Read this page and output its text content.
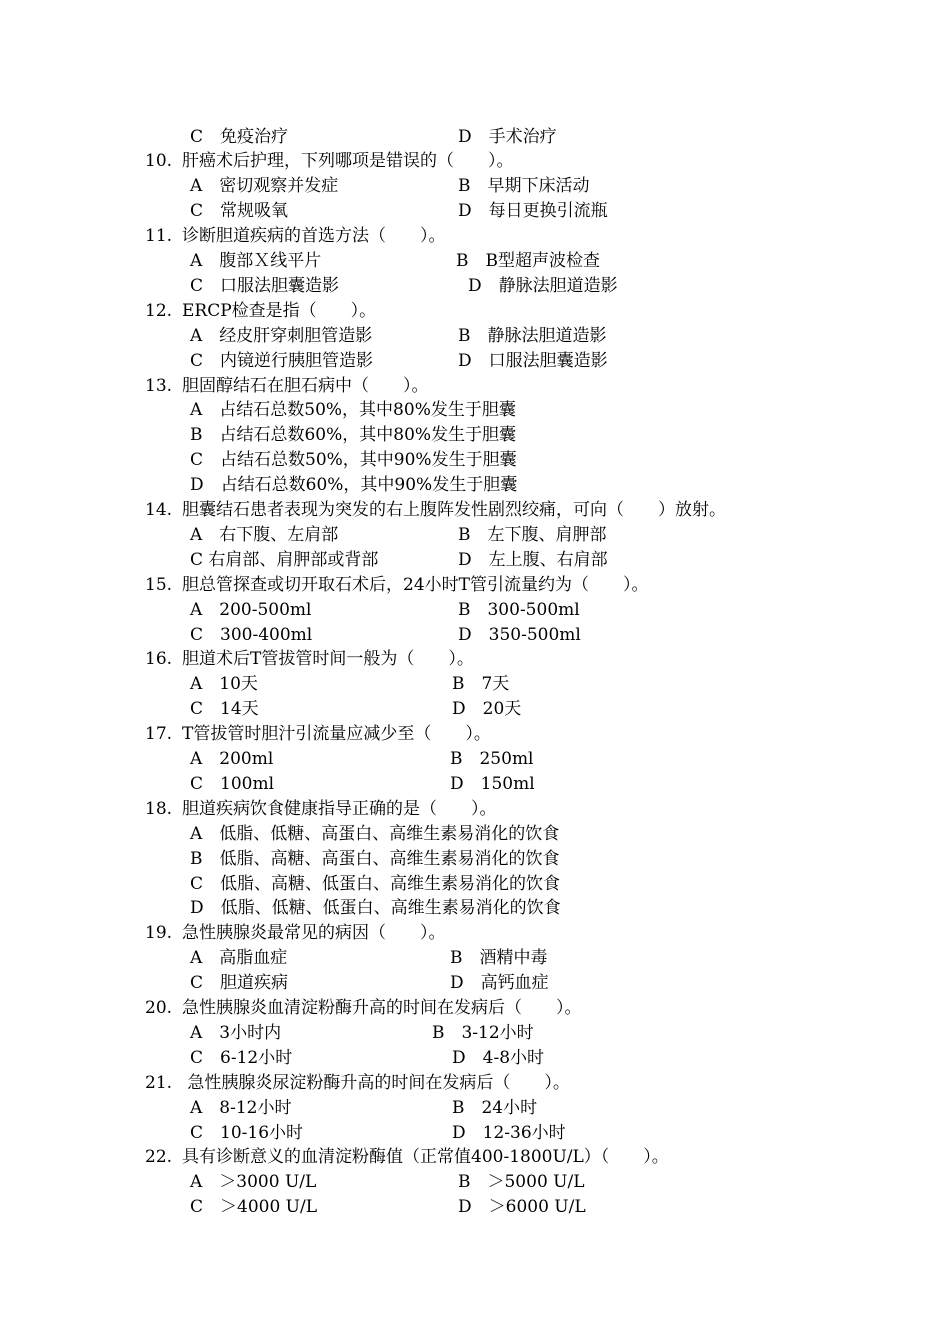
C　免疫治疗	D　手术治疗
10. 肝癌术后护理，下列哪项是错误的（　　）。
A　密切观察并发症	B　早期下床活动
C　常规吸氧	D　每日更换引流瓶
11. 诊断胆道疾病的首选方法（　　）。
A　腹部Ｘ线平片	B　B型超声波检查
C　口服法胆囊造影	D　静脉法胆道造影
12. ERCP检查是指（　　）。
A　经皮肝穿刺胆管造影	B　静脉法胆道造影
C　内镜逆行胰胆管造影	D　口服法胆囊造影
13. 胆固醇结石在胆石病中（　　）。
A　占结石总数50%，其中80%发生于胆囊
B　占结石总数60%，其中80%发生于胆囊
C　占结石总数50%，其中90%发生于胆囊
D　占结石总数60%，其中90%发生于胆囊
14. 胆囊结石患者表现为突发的右上腹阵发性剧烈绞痛，可向（　　）放射。
A　右下腹、左肩部	B　左下腹、肩胛部
C 右肩部、肩胛部或背部	D　左上腹、右肩部
15. 胆总管探查或切开取石术后，24小时T管引流量约为（　　）。
A　200-500ml	B　300-500ml
C　300-400ml	D　350-500ml
16. 胆道术后T管拔管时间一般为（　　）。
A　10天	B　7天
C　14天	D　20天
17. T管拔管时胆汁引流量应减少至（　　）。
A　200ml	B　250ml
C　100ml	D　150ml
18. 胆道疾病饮食健康指导正确的是（　　）。
A　低脂、低糖、高蛋白、高维生素易消化的饮食
B　低脂、高糖、高蛋白、高维生素易消化的饮食
C　低脂、高糖、低蛋白、高维生素易消化的饮食
D　低脂、低糖、低蛋白、高维生素易消化的饮食
19. 急性胰腺炎最常见的病因（　　）。
A　高脂血症	B　酒精中毒
C　胆道疾病	D　高钙血症
20. 急性胰腺炎血清淀粉酶升高的时间在发病后（　　）。
A　3小时内	B　3-12小时
C　6-12小时	D　4-8小时
21. 急性胰腺炎尿淀粉酶升高的时间在发病后（　　）。
A　8-12小时	B　24小时
C　10-16小时	D　12-36小时
22. 具有诊断意义的血清淀粉酶值（正常值400-1800U/L）（　　）。
A　＞3000 U/L	B　＞5000 U/L
C　＞4000 U/L	D　＞6000 U/L
